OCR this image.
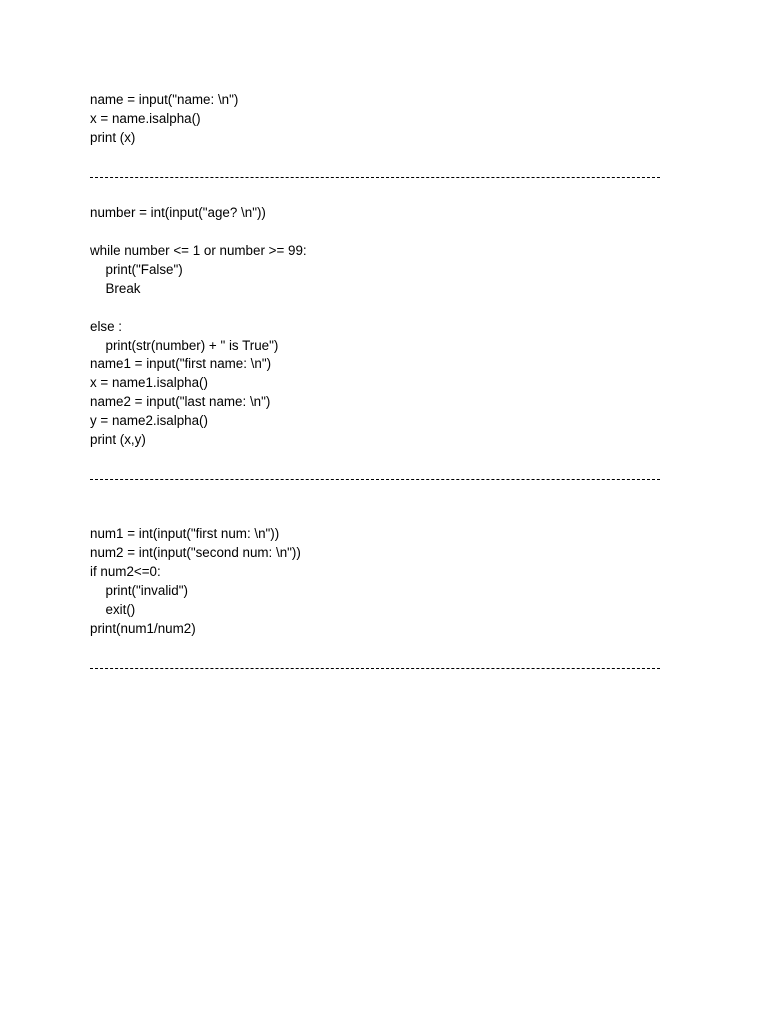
name = input("name: \n")
x = name.isalpha()
print (x)
number = int(input("age? \n"))
while number <= 1 or number >= 99:
print("False")
Break
else :
print(str(number) + " is True")
name1 = input("first name: \n")
x = name1.isalpha()
name2 = input("last name: \n")
y = name2.isalpha()
print (x,y)
num1 = int(input("first num: \n"))
num2 = int(input("second num: \n"))
if num2<=0:
print("invalid")
exit()
print(num1/num2)
